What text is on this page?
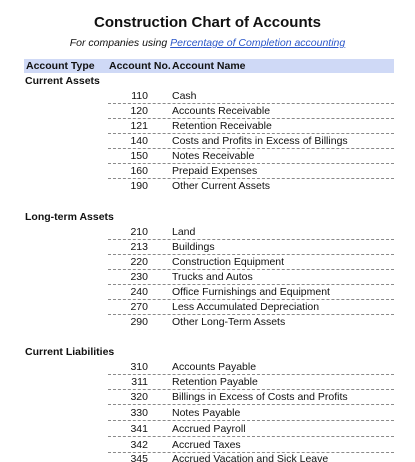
Construction Chart of Accounts
For companies using Percentage of Completion accounting
Account Type Account No. Account Name
Current Assets
110 Cash
120 Accounts Receivable
121 Retention Receivable
140 Costs and Profits in Excess of Billings
150 Notes Receivable
160 Prepaid Expenses
190 Other Current Assets
Long-term Assets
210 Land
213 Buildings
220 Construction Equipment
230 Trucks and Autos
240 Office Furnishings and Equipment
270 Less Accumulated Depreciation
290 Other Long-Term Assets
Current Liabilities
310 Accounts Payable
311 Retention Payable
320 Billings in Excess of Costs and Profits
330 Notes Payable
341 Accrued Payroll
342 Accrued Taxes
345 Accrued Vacation and Sick Leave
